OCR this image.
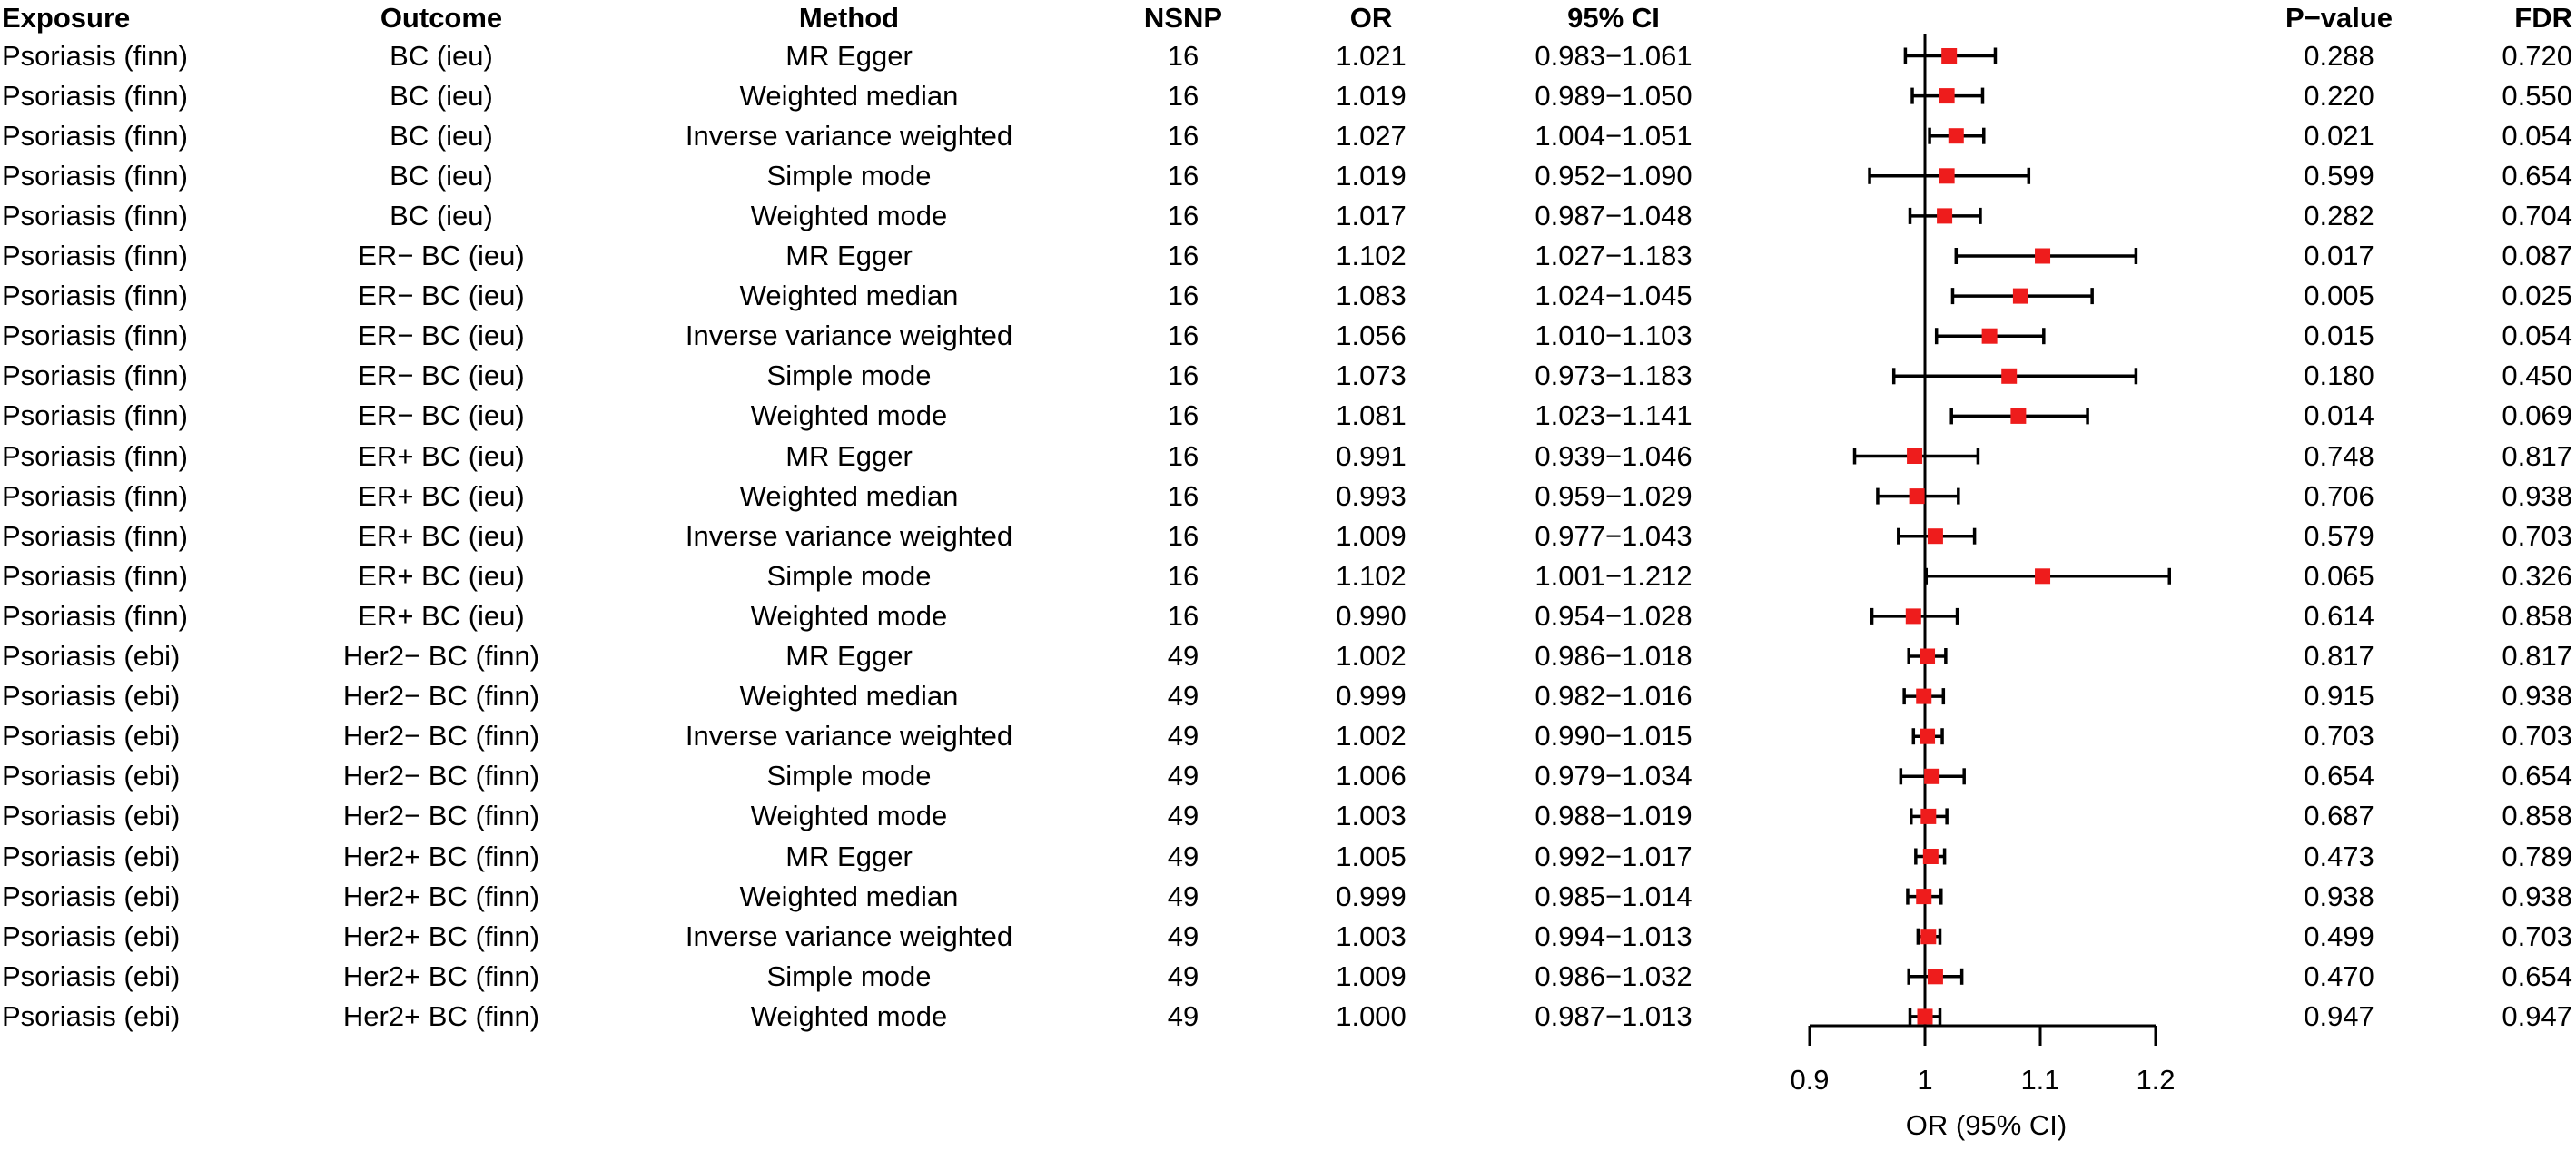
Exposure	Outcome	Method	NSNP	OR	95% CI	P−value	FDR
Psoriasis (finn)	BC (ieu)	MR Egger	16	1.021	0.983−1.061	0.288	0.720
Psoriasis (finn)	BC (ieu)	Weighted median	16	1.019	0.989−1.050	0.220	0.550
Psoriasis (finn)	BC (ieu)	Inverse variance weighted	16	1.027	1.004−1.051	0.021	0.054
Psoriasis (finn)	BC (ieu)	Simple mode	16	1.019	0.952−1.090	0.599	0.654
Psoriasis (finn)	BC (ieu)	Weighted mode	16	1.017	0.987−1.048	0.282	0.704
Psoriasis (finn)	ER− BC (ieu)	MR Egger	16	1.102	1.027−1.183	0.017	0.087
Psoriasis (finn)	ER− BC (ieu)	Weighted median	16	1.083	1.024−1.045	0.005	0.025
Psoriasis (finn)	ER− BC (ieu)	Inverse variance weighted	16	1.056	1.010−1.103	0.015	0.054
Psoriasis (finn)	ER− BC (ieu)	Simple mode	16	1.073	0.973−1.183	0.180	0.450
Psoriasis (finn)	ER− BC (ieu)	Weighted mode	16	1.081	1.023−1.141	0.014	0.069
Psoriasis (finn)	ER+ BC (ieu)	MR Egger	16	0.991	0.939−1.046	0.748	0.817
Psoriasis (finn)	ER+ BC (ieu)	Weighted median	16	0.993	0.959−1.029	0.706	0.938
Psoriasis (finn)	ER+ BC (ieu)	Inverse variance weighted	16	1.009	0.977−1.043	0.579	0.703
Psoriasis (finn)	ER+ BC (ieu)	Simple mode	16	1.102	1.001−1.212	0.065	0.326
Psoriasis (finn)	ER+ BC (ieu)	Weighted mode	16	0.990	0.954−1.028	0.614	0.858
Psoriasis (ebi)	Her2− BC (finn)	MR Egger	49	1.002	0.986−1.018	0.817	0.817
Psoriasis (ebi)	Her2− BC (finn)	Weighted median	49	0.999	0.982−1.016	0.915	0.938
Psoriasis (ebi)	Her2− BC (finn)	Inverse variance weighted	49	1.002	0.990−1.015	0.703	0.703
Psoriasis (ebi)	Her2− BC (finn)	Simple mode	49	1.006	0.979−1.034	0.654	0.654
Psoriasis (ebi)	Her2− BC (finn)	Weighted mode	49	1.003	0.988−1.019	0.687	0.858
Psoriasis (ebi)	Her2+ BC (finn)	MR Egger	49	1.005	0.992−1.017	0.473	0.789
Psoriasis (ebi)	Her2+ BC (finn)	Weighted median	49	0.999	0.985−1.014	0.938	0.938
Psoriasis (ebi)	Her2+ BC (finn)	Inverse variance weighted	49	1.003	0.994−1.013	0.499	0.703
Psoriasis (ebi)	Her2+ BC (finn)	Simple mode	49	1.009	0.986−1.032	0.470	0.654
Psoriasis (ebi)	Her2+ BC (finn)	Weighted mode	49	1.000	0.987−1.013	0.947	0.947
0.9	1	1.1	1.2
OR (95% CI)
